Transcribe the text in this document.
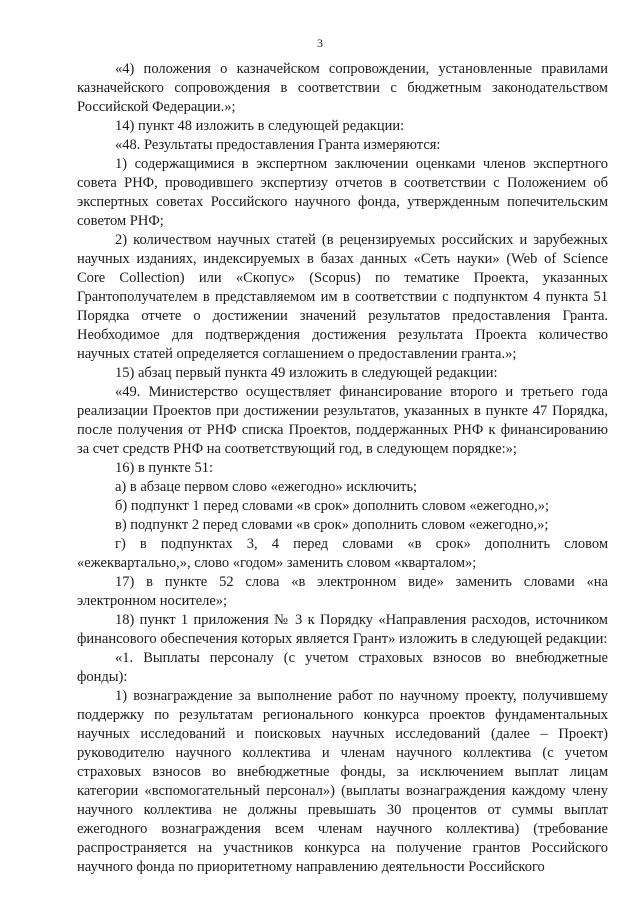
3

«4) положения о казначейском сопровождении, установленные правилами казначейского сопровождения в соответствии с бюджетным законодательством Российской Федерации.»;

14) пункт 48 изложить в следующей редакции:

«48. Результаты предоставления Гранта измеряются:

1) содержащимися в экспертном заключении оценками членов экспертного совета РНФ, проводившего экспертизу отчетов в соответствии с Положением об экспертных советах Российского научного фонда, утвержденным попечительским советом РНФ;

2) количеством научных статей (в рецензируемых российских и зарубежных научных изданиях, индексируемых в базах данных «Сеть науки» (Web of Science Core Collection) или «Скопус» (Scopus) по тематике Проекта, указанных Грантополучателем в представляемом им в соответствии с подпунктом 4 пункта 51 Порядка отчете о достижении значений результатов предоставления Гранта. Необходимое для подтверждения достижения результата Проекта количество научных статей определяется соглашением о предоставлении гранта.»;

15) абзац первый пункта 49 изложить в следующей редакции:

«49. Министерство осуществляет финансирование второго и третьего года реализации Проектов при достижении результатов, указанных в пункте 47 Порядка, после получения от РНФ списка Проектов, поддержанных РНФ к финансированию за счет средств РНФ на соответствующий год, в следующем порядке:»;

16) в пункте 51:

а) в абзаце первом слово «ежегодно» исключить;

б) подпункт 1 перед словами «в срок» дополнить словом «ежегодно,»;

в) подпункт 2 перед словами «в срок» дополнить словом «ежегодно,»;

г) в подпунктах 3, 4 перед словами «в срок» дополнить словом «ежеквартально,», слово «годом» заменить словом «кварталом»;

17) в пункте 52 слова «в электронном виде» заменить словами «на электронном носителе»;

18) пункт 1 приложения № 3 к Порядку «Направления расходов, источником финансового обеспечения которых является Грант» изложить в следующей редакции:

«1. Выплаты персоналу (с учетом страховых взносов во внебюджетные фонды):

1) вознаграждение за выполнение работ по научному проекту, получившему поддержку по результатам регионального конкурса проектов фундаментальных научных исследований и поисковых научных исследований (далее – Проект) руководителю научного коллектива и членам научного коллектива (с учетом страховых взносов во внебюджетные фонды, за исключением выплат лицам категории «вспомогательный персонал») (выплаты вознаграждения каждому члену научного коллектива не должны превышать 30 процентов от суммы выплат ежегодного вознаграждения всем членам научного коллектива) (требование распространяется на участников конкурса на получение грантов Российского научного фонда по приоритетному направлению деятельности Российского
